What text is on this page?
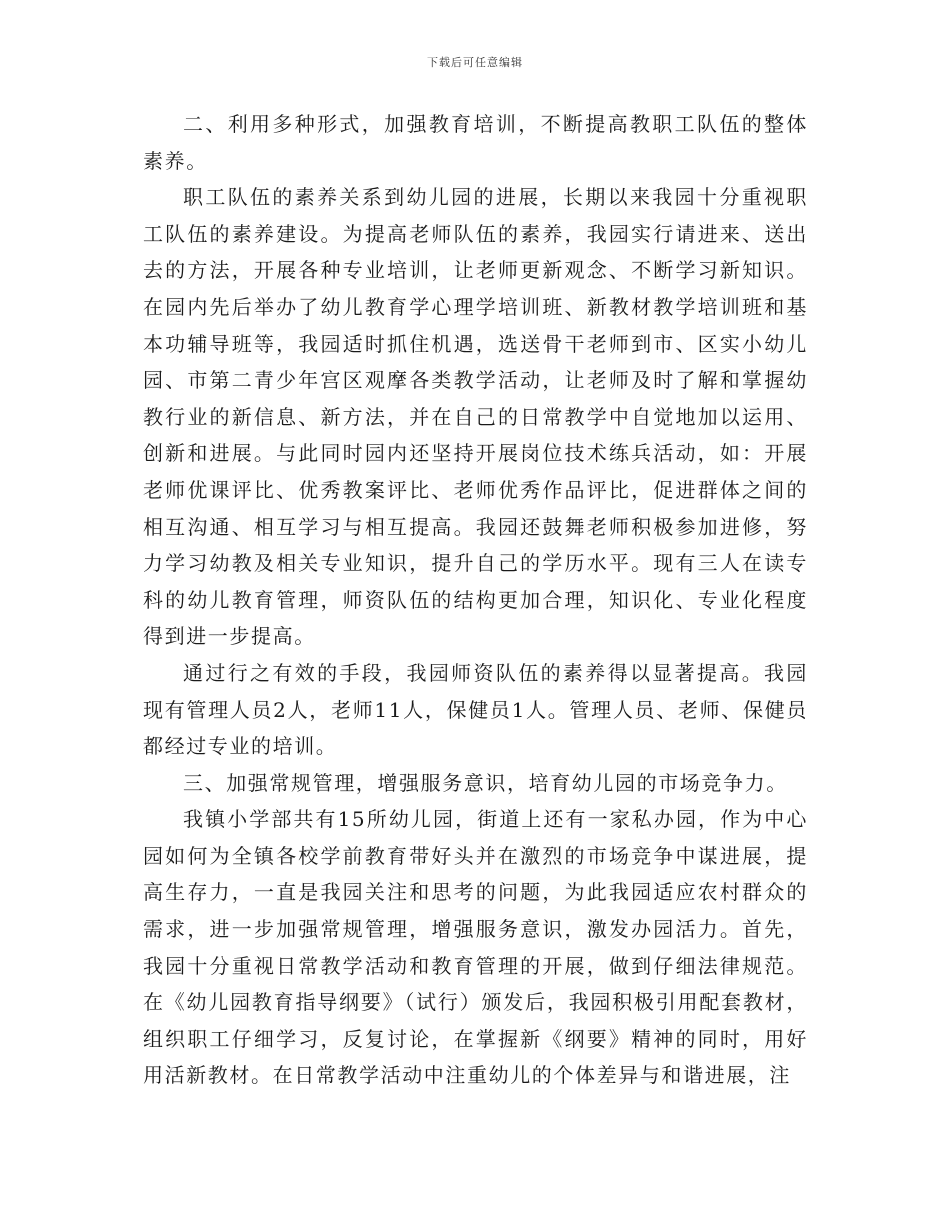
下载后可任意编辑

二、利用多种形式，加强教育培训，不断提高教职工队伍的整体素养。

职工队伍的素养关系到幼儿园的进展，长期以来我园十分重视职工队伍的素养建设。为提高老师队伍的素养，我园实行请进来、送出去的方法，开展各种专业培训，让老师更新观念、不断学习新知识。在园内先后举办了幼儿教育学心理学培训班、新教材教学培训班和基本功辅导班等，我园适时抓住机遇，选送骨干老师到市、区实小幼儿园、市第二青少年宫区观摩各类教学活动，让老师及时了解和掌握幼教行业的新信息、新方法，并在自己的日常教学中自觉地加以运用、创新和进展。与此同时园内还坚持开展岗位技术练兵活动，如：开展老师优课评比、优秀教案评比、老师优秀作品评比，促进群体之间的相互沟通、相互学习与相互提高。我园还鼓舞老师积极参加进修，努力学习幼教及相关专业知识，提升自己的学历水平。现有三人在读专科的幼儿教育管理，师资队伍的结构更加合理，知识化、专业化程度得到进一步提高。

通过行之有效的手段，我园师资队伍的素养得以显著提高。我园现有管理人员2人，老师11人，保健员1人。管理人员、老师、保健员都经过专业的培训。

三、加强常规管理，增强服务意识，培育幼儿园的市场竞争力。

我镇小学部共有15所幼儿园，街道上还有一家私办园，作为中心园如何为全镇各校学前教育带好头并在激烈的市场竞争中谋进展，提高生存力，一直是我园关注和思考的问题，为此我园适应农村群众的需求，进一步加强常规管理，增强服务意识，激发办园活力。首先，我园十分重视日常教学活动和教育管理的开展，做到仔细法律规范。在《幼儿园教育指导纲要》（试行）颁发后，我园积极引用配套教材，组织职工仔细学习，反复讨论，在掌握新《纲要》精神的同时，用好用活新教材。在日常教学活动中注重幼儿的个体差异与和谐进展，注
